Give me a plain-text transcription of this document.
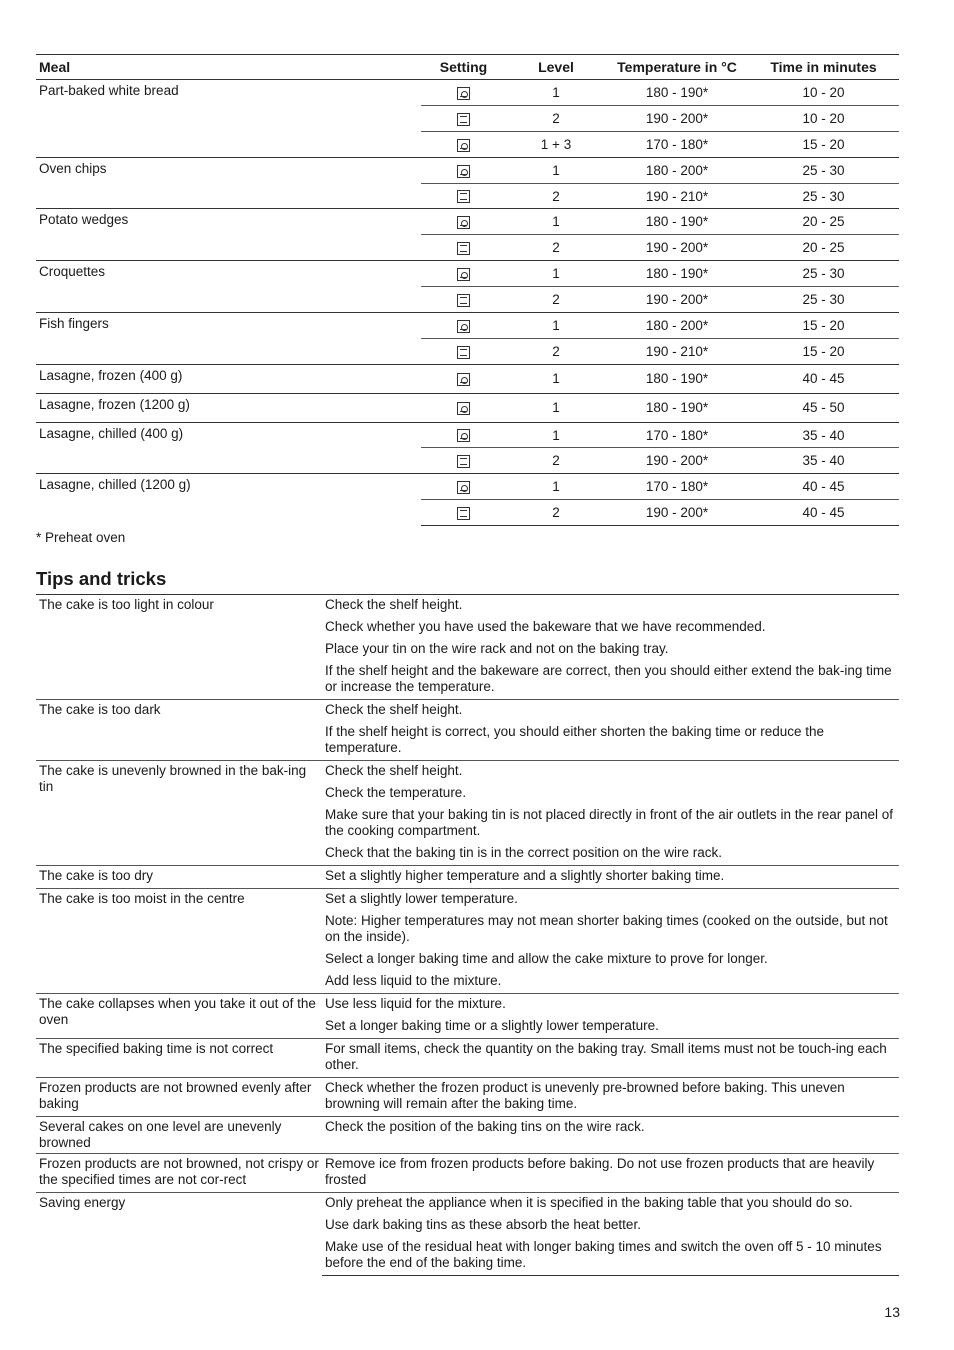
Meal	Setting	Level	Temperature in °C	Time in minutes
Part-baked white bread		1	180 - 190*	10 - 20
		2	190 - 200*	10 - 20
		1 + 3	170 - 180*	15 - 20
Oven chips		1	180 - 200*	25 - 30
		2	190 - 210*	25 - 30
Potato wedges		1	180 - 190*	20 - 25
		2	190 - 200*	20 - 25
Croquettes		1	180 - 190*	25 - 30
		2	190 - 200*	25 - 30
Fish fingers		1	180 - 200*	15 - 20
		2	190 - 210*	15 - 20
Lasagne, frozen (400 g)		1	180 - 190*	40 - 45
Lasagne, frozen (1200 g)		1	180 - 190*	45 - 50
Lasagne, chilled (400 g)		1	170 - 180*	35 - 40
		2	190 - 200*	35 - 40
Lasagne, chilled (1200 g)		1	170 - 180*	40 - 45
		2	190 - 200*	40 - 45
* Preheat oven
Tips and tricks
The cake is too light in colour	Check the shelf height.
	Check whether you have used the bakeware that we have recommended.
	Place your tin on the wire rack and not on the baking tray.
	If the shelf height and the bakeware are correct, then you should either extend the bak-ing time or increase the temperature.
The cake is too dark	Check the shelf height.
	If the shelf height is correct, you should either shorten the baking time or reduce the temperature.
The cake is unevenly browned in the bak-ing tin	Check the shelf height.
	Check the temperature.
	Make sure that your baking tin is not placed directly in front of the air outlets in the rear panel of the cooking compartment.
	Check that the baking tin is in the correct position on the wire rack.
The cake is too dry	Set a slightly higher temperature and a slightly shorter baking time.
The cake is too moist in the centre	Set a slightly lower temperature.
	Note: Higher temperatures may not mean shorter baking times (cooked on the outside, but not on the inside).
	Select a longer baking time and allow the cake mixture to prove for longer.
	Add less liquid to the mixture.
The cake collapses when you take it out of the oven	Use less liquid for the mixture.
	Set a longer baking time or a slightly lower temperature.
The specified baking time is not correct	For small items, check the quantity on the baking tray. Small items must not be touch-ing each other.
Frozen products are not browned evenly after baking	Check whether the frozen product is unevenly pre-browned before baking. This uneven browning will remain after the baking time.
Several cakes on one level are unevenly browned	Check the position of the baking tins on the wire rack.
Frozen products are not browned, not crispy or the specified times are not cor-rect	Remove ice from frozen products before baking. Do not use frozen products that are heavily frosted
Saving energy	Only preheat the appliance when it is specified in the baking table that you should do so.
	Use dark baking tins as these absorb the heat better.
	Make use of the residual heat with longer baking times and switch the oven off 5 - 10 minutes before the end of the baking time.
13
